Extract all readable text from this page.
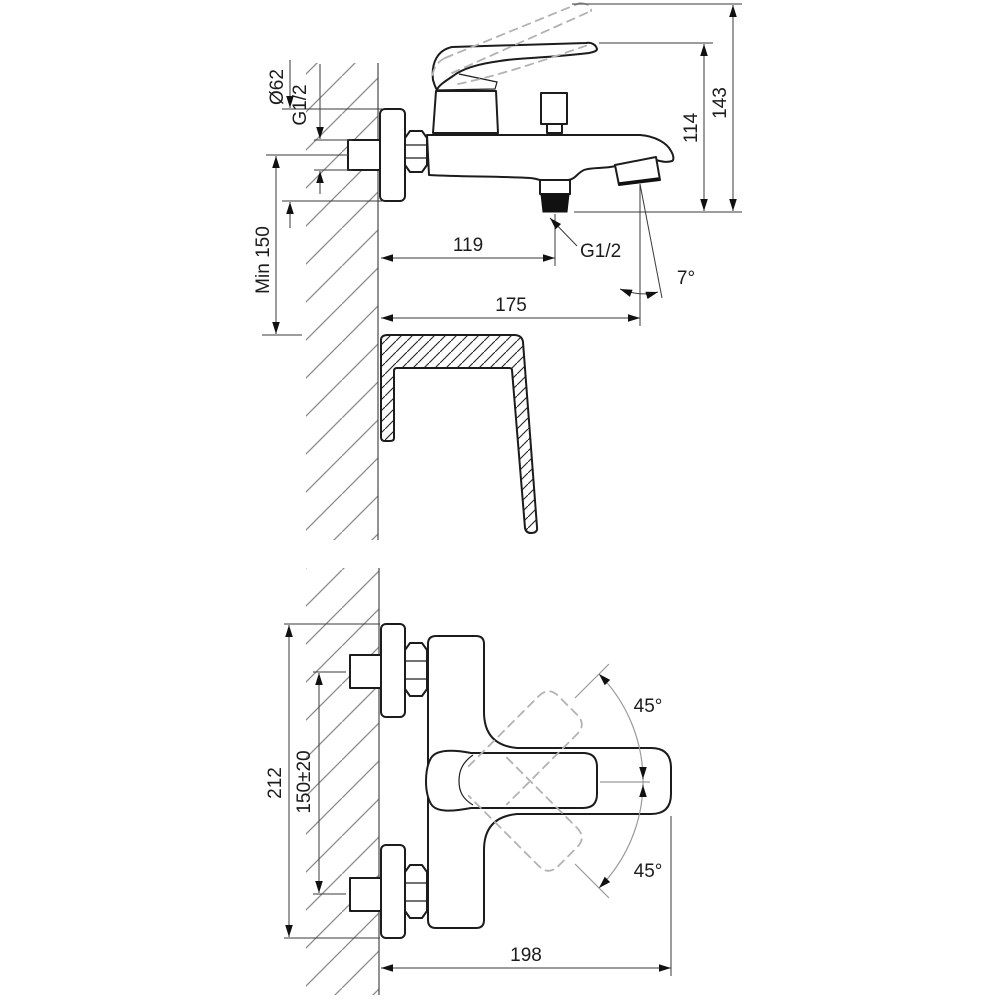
Ø62 G1/2
Min 150	119	G1/2
175
7°
114
143
45°
45°
212 150±20
198
